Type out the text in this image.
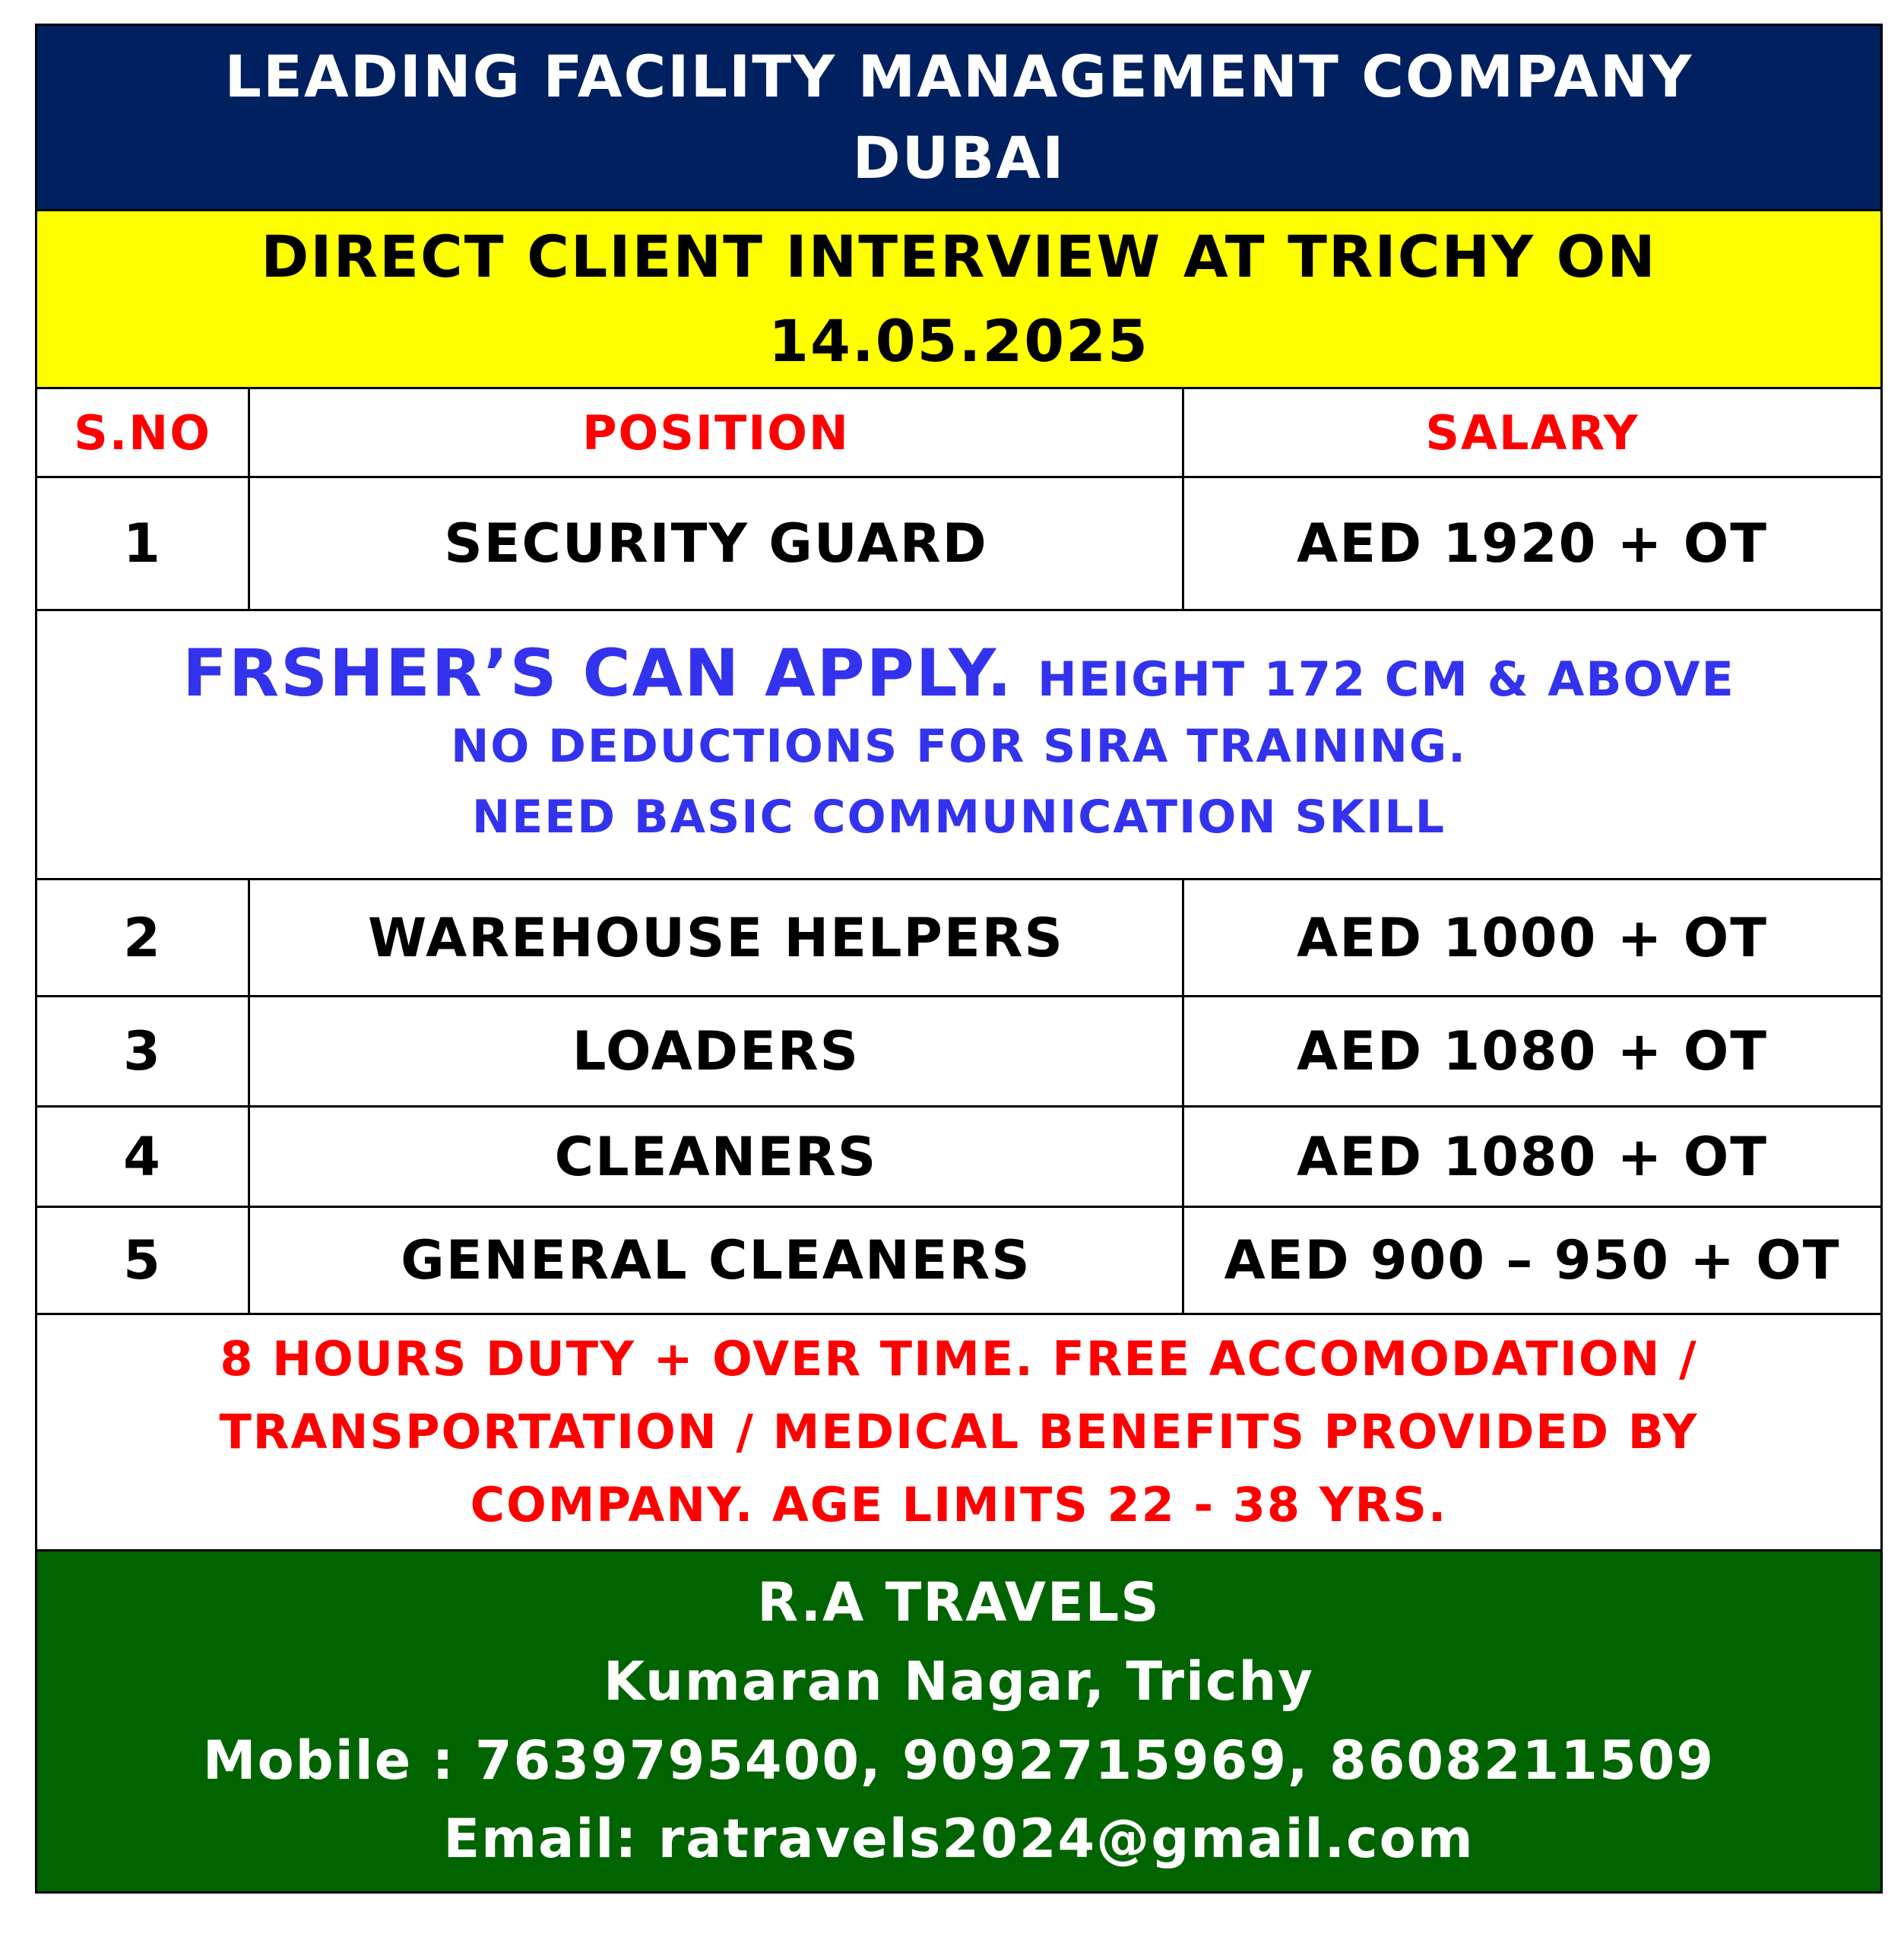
LEADING FACILITY MANAGEMENT COMPANY
DUBAI
DIRECT CLIENT INTERVIEW AT TRICHY ON
14.05.2025
S.NO	POSITION	SALARY
1	SECURITY GUARD	AED 1920 + OT
FRSHER’S CAN APPLY. HEIGHT 172 CM & ABOVE
NO DEDUCTIONS FOR SIRA TRAINING.
NEED BASIC COMMUNICATION SKILL
2	WAREHOUSE HELPERS	AED 1000 + OT
3	LOADERS	AED 1080 + OT
4	CLEANERS	AED 1080 + OT
5	GENERAL CLEANERS	AED 900 – 950 + OT
8 HOURS DUTY + OVER TIME. FREE ACCOMODATION /
TRANSPORTATION / MEDICAL BENEFITS PROVIDED BY
COMPANY. AGE LIMITS 22 - 38 YRS.
R.A TRAVELS
Kumaran Nagar, Trichy
Mobile : 7639795400, 9092715969, 8608211509
Email: ratravels2024@gmail.com
